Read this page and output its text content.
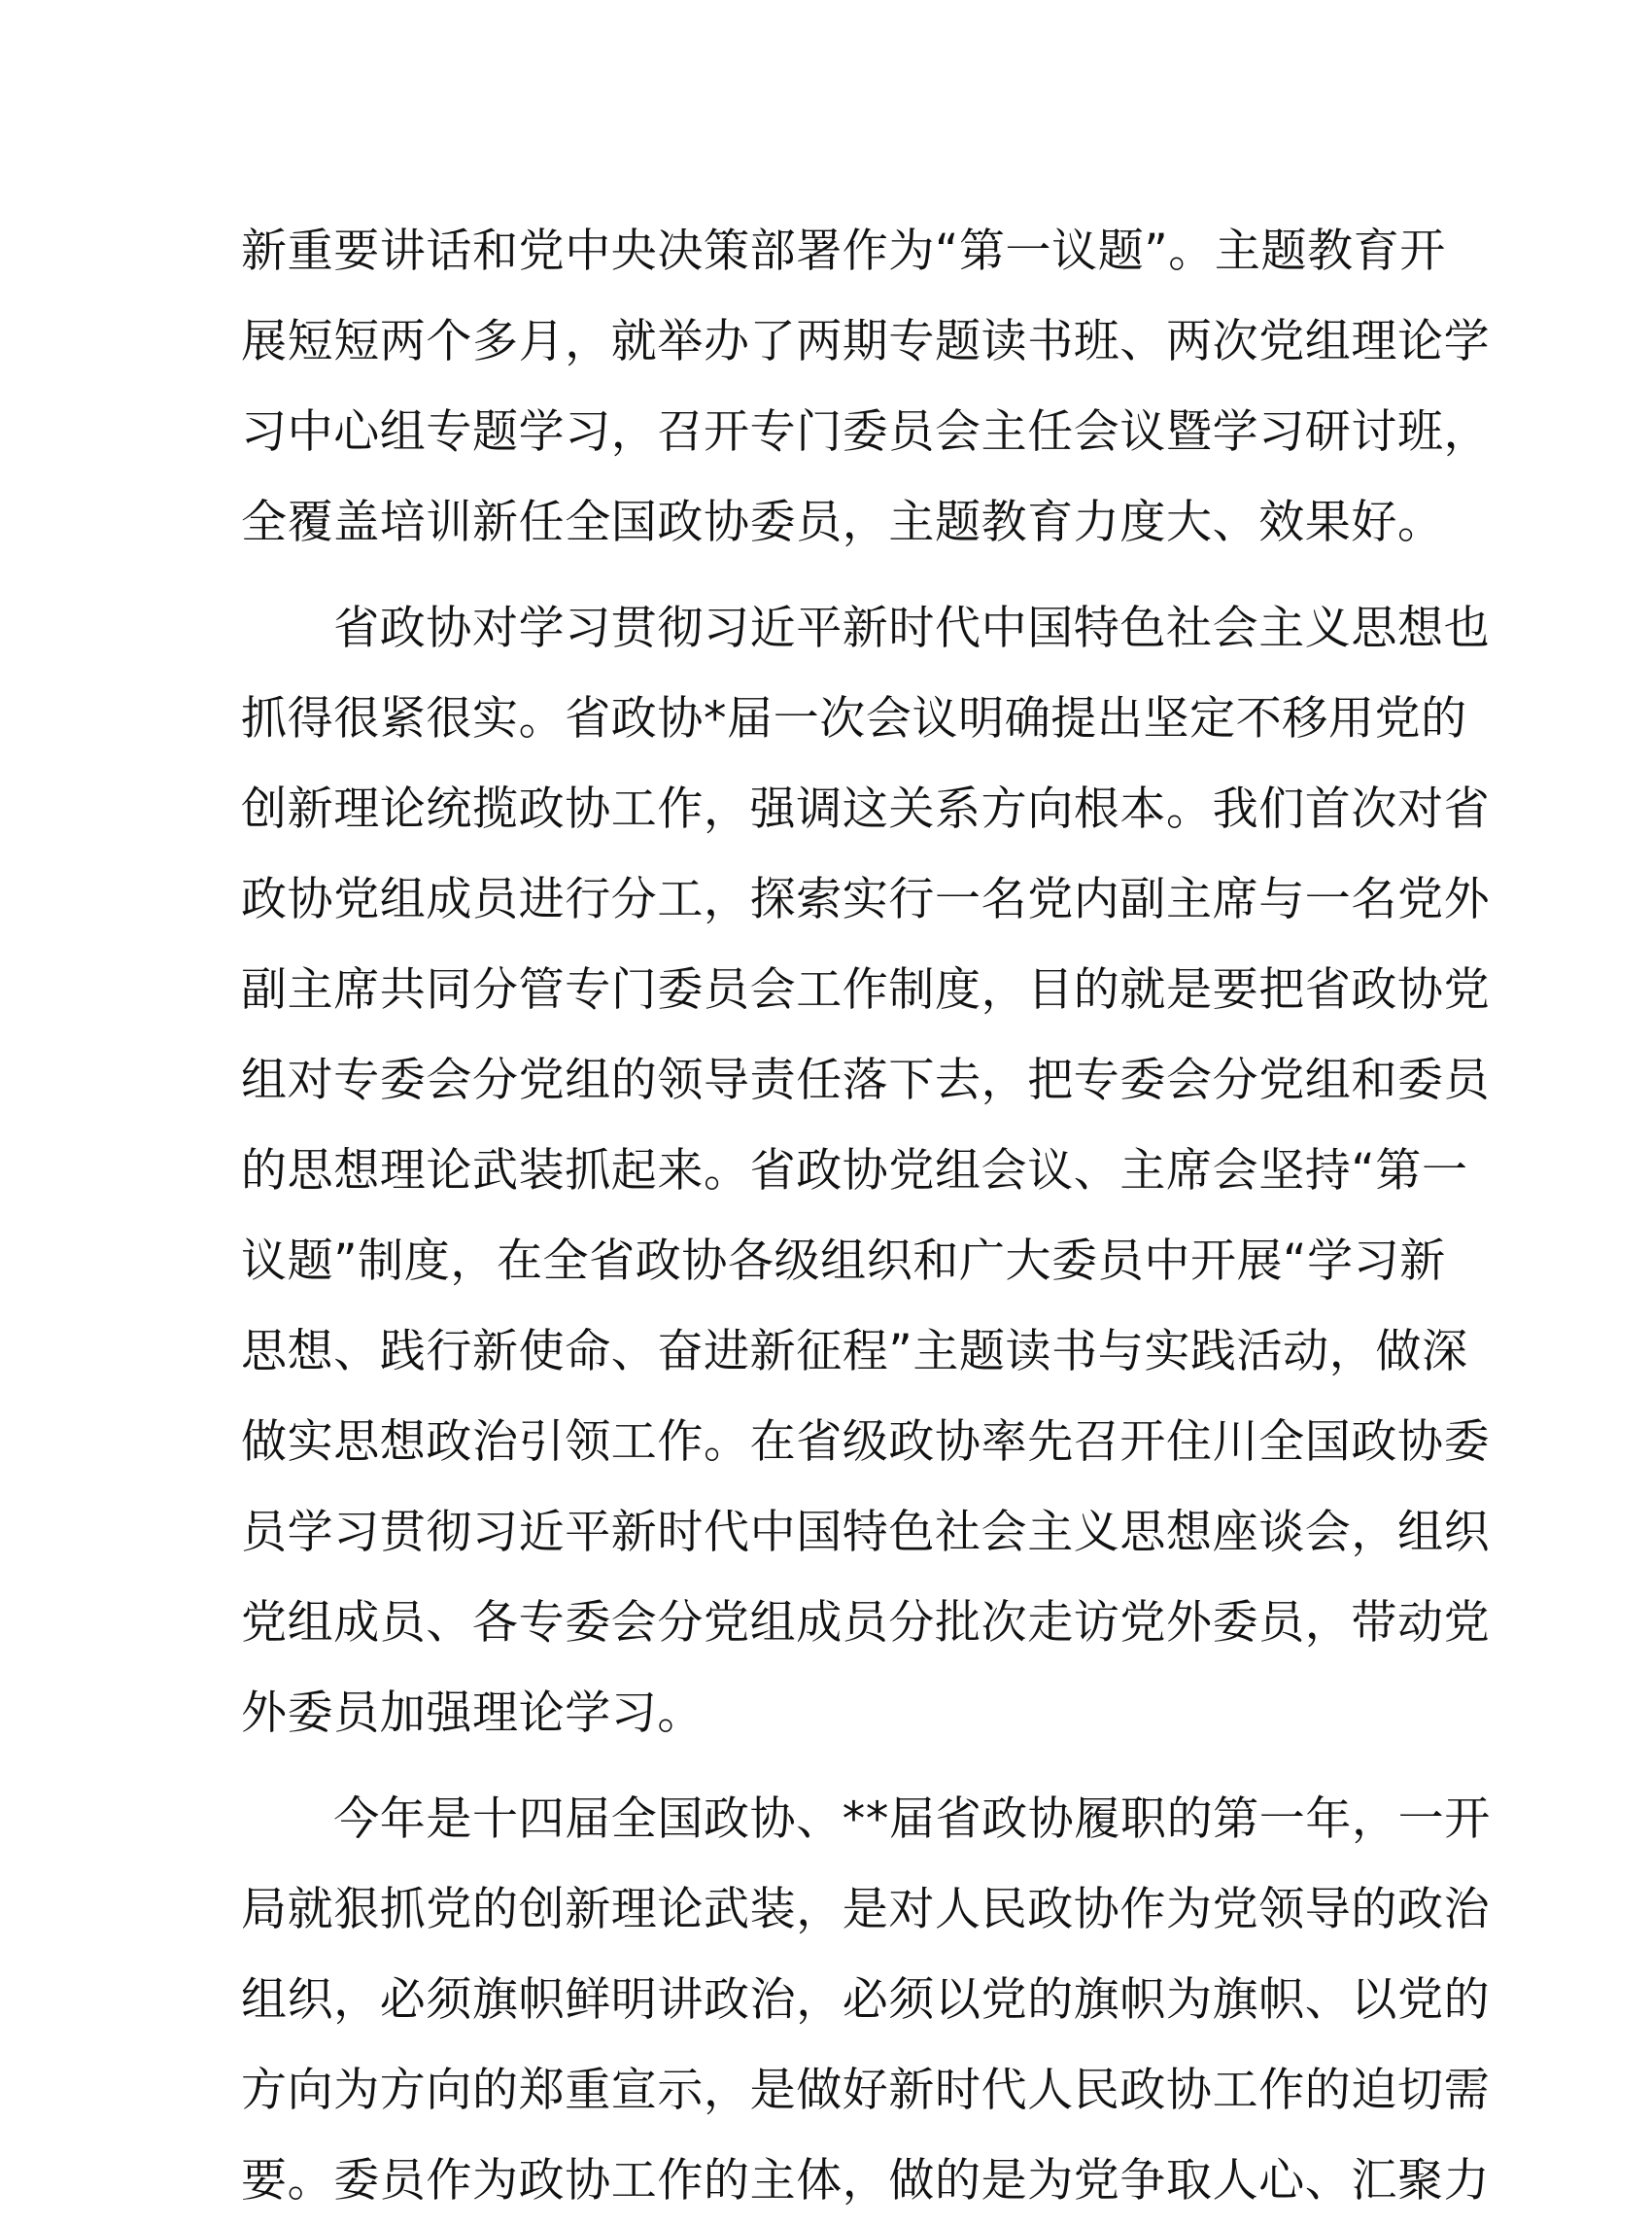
新重要讲话和党中央决策部署作为“第一议题”。主题教育开
展短短两个多月，就举办了两期专题读书班、两次党组理论学
习中心组专题学习，召开专门委员会主任会议暨学习研讨班，
全覆盖培训新任全国政协委员，主题教育力度大、效果好。
　　省政协对学习贯彻习近平新时代中国特色社会主义思想也
抓得很紧很实。省政协*届一次会议明确提出坚定不移用党的
创新理论统揽政协工作，强调这关系方向根本。我们首次对省
政协党组成员进行分工，探索实行一名党内副主席与一名党外
副主席共同分管专门委员会工作制度，目的就是要把省政协党
组对专委会分党组的领导责任落下去，把专委会分党组和委员
的思想理论武装抓起来。省政协党组会议、主席会坚持“第一
议题”制度，在全省政协各级组织和广大委员中开展“学习新
思想、践行新使命、奋进新征程”主题读书与实践活动，做深
做实思想政治引领工作。在省级政协率先召开住川全国政协委
员学习贯彻习近平新时代中国特色社会主义思想座谈会，组织
党组成员、各专委会分党组成员分批次走访党外委员，带动党
外委员加强理论学习。
　　今年是十四届全国政协、**届省政协履职的第一年，一开
局就狠抓党的创新理论武装，是对人民政协作为党领导的政治
组织，必须旗帜鲜明讲政治，必须以党的旗帜为旗帜、以党的
方向为方向的郑重宣示，是做好新时代人民政协工作的迫切需
要。委员作为政协工作的主体，做的是为党争取人心、汇聚力
